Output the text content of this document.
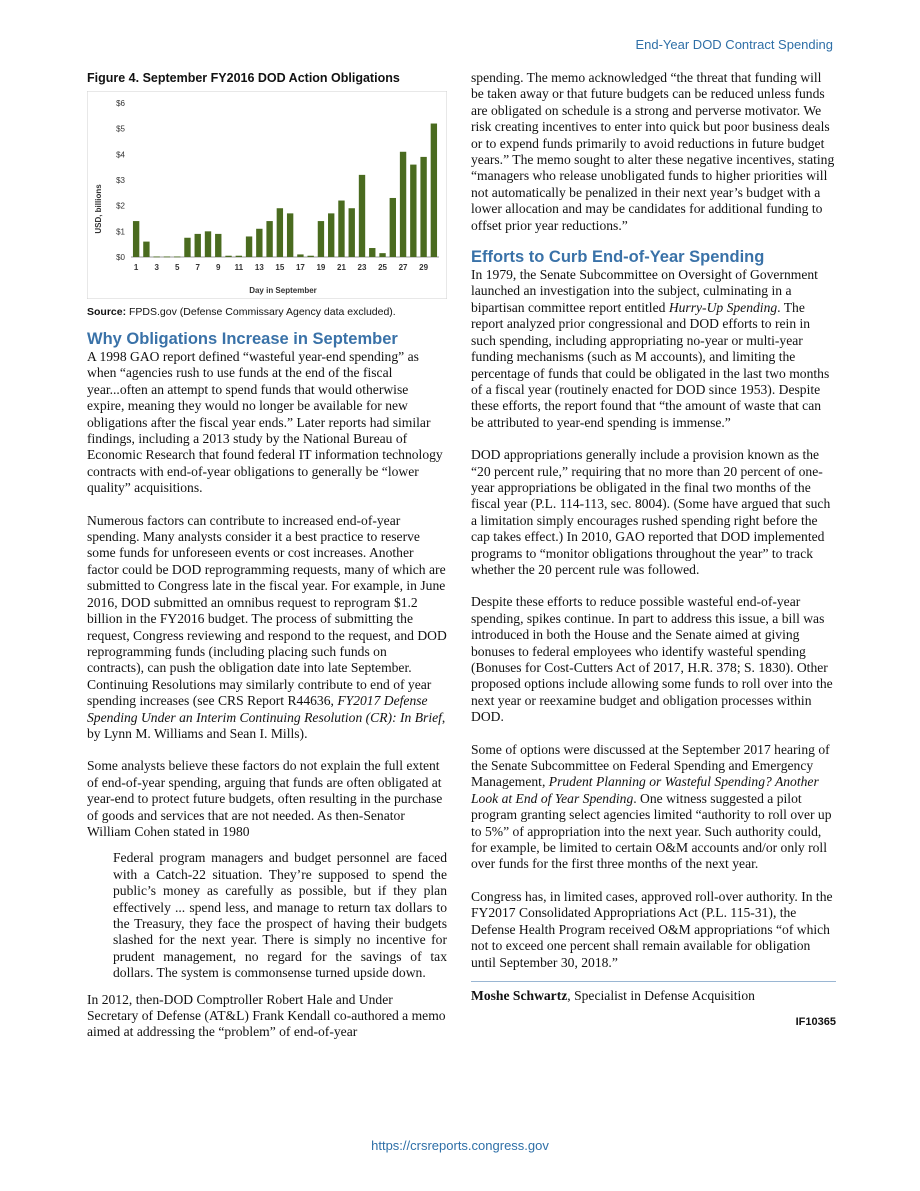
End-Year DOD Contract Spending
Figure 4. September FY2016 DOD Action Obligations
$0
$1
$2
$3
$4
$5
$6
1 3 5 7 9 11 13 15 17 19 21 23 25 27 29
USD, billions
Day in September
Source: FPDS.gov (Defense Commissary Agency data excluded).
Why Obligations Increase in September

A 1998 GAO report defined “wasteful year-end spending” as when “agencies rush to use funds at the end of the fiscal year...often an attempt to spend funds that would otherwise expire, meaning they would no longer be available for new obligations after the fiscal year ends.” Later reports had similar findings, including a 2013 study by the National Bureau of Economic Research that found federal IT information technology contracts with end-of-year obligations to generally be “lower quality” acquisitions.

Numerous factors can contribute to increased end-of-year spending. Many analysts consider it a best practice to reserve some funds for unforeseen events or cost increases. Another factor could be DOD reprogramming requests, many of which are submitted to Congress late in the fiscal year. For example, in June 2016, DOD submitted an omnibus request to reprogram $1.2 billion in the FY2016 budget. The process of submitting the request, Congress reviewing and respond to the request, and DOD reprogramming funds (including placing such funds on contracts), can push the obligation date into late September. Continuing Resolutions may similarly contribute to end of year spending increases (see CRS Report R44636, FY2017 Defense Spending Under an Interim Continuing Resolution (CR): In Brief, by Lynn M. Williams and Sean I. Mills).

Some analysts believe these factors do not explain the full extent of end-of-year spending, arguing that funds are often obligated at year-end to protect future budgets, often resulting in the purchase of goods and services that are not needed. As then-Senator William Cohen stated in 1980

Federal program managers and budget personnel are faced with a Catch-22 situation. They’re supposed to spend the public’s money as carefully as possible, but if they plan effectively ... spend less, and manage to return tax dollars to the Treasury, they face the prospect of having their budgets slashed for the next year. There is simply no incentive for prudent management, no regard for the savings of tax dollars. The system is commonsense turned upside down.

In 2012, then-DOD Comptroller Robert Hale and Under Secretary of Defense (AT&L) Frank Kendall co-authored a memo aimed at addressing the “problem” of end-of-year

spending. The memo acknowledged “the threat that funding will be taken away or that future budgets can be reduced unless funds are obligated on schedule is a strong and perverse motivator. We risk creating incentives to enter into quick but poor business deals or to expend funds primarily to avoid reductions in future budget years.” The memo sought to alter these negative incentives, stating “managers who release unobligated funds to higher priorities will not automatically be penalized in their next year’s budget with a lower allocation and may be candidates for additional funding to offset prior year reductions.”

Efforts to Curb End-of-Year Spending

In 1979, the Senate Subcommittee on Oversight of Government launched an investigation into the subject, culminating in a bipartisan committee report entitled Hurry-Up Spending. The report analyzed prior congressional and DOD efforts to rein in such spending, including appropriating no-year or multi-year funding mechanisms (such as M accounts), and limiting the percentage of funds that could be obligated in the last two months of a fiscal year (routinely enacted for DOD since 1953). Despite these efforts, the report found that “the amount of waste that can be attributed to year-end spending is immense.”

DOD appropriations generally include a provision known as the “20 percent rule,” requiring that no more than 20 percent of one-year appropriations be obligated in the final two months of the fiscal year (P.L. 114-113, sec. 8004). (Some have argued that such a limitation simply encourages rushed spending right before the cap takes effect.) In 2010, GAO reported that DOD implemented programs to “monitor obligations throughout the year” to track whether the 20 percent rule was followed.

Despite these efforts to reduce possible wasteful end-of-year spending, spikes continue. In part to address this issue, a bill was introduced in both the House and the Senate aimed at giving bonuses to federal employees who identify wasteful spending (Bonuses for Cost-Cutters Act of 2017, H.R. 378; S. 1830). Other proposed options include allowing some funds to roll over into the next year or reexamine budget and obligation processes within DOD.

Some of options were discussed at the September 2017 hearing of the Senate Subcommittee on Federal Spending and Emergency Management, Prudent Planning or Wasteful Spending? Another Look at End of Year Spending. One witness suggested a pilot program granting select agencies limited “authority to roll over up to 5%” of appropriation into the next year. Such authority could, for example, be limited to certain O&M accounts and/or only roll over funds for the first three months of the next year.

Congress has, in limited cases, approved roll-over authority. In the FY2017 Consolidated Appropriations Act (P.L. 115-31), the Defense Health Program received O&M appropriations “of which not to exceed one percent shall remain available for obligation until September 30, 2018.”

Moshe Schwartz, Specialist in Defense Acquisition
IF10365
https://crsreports.congress.gov
